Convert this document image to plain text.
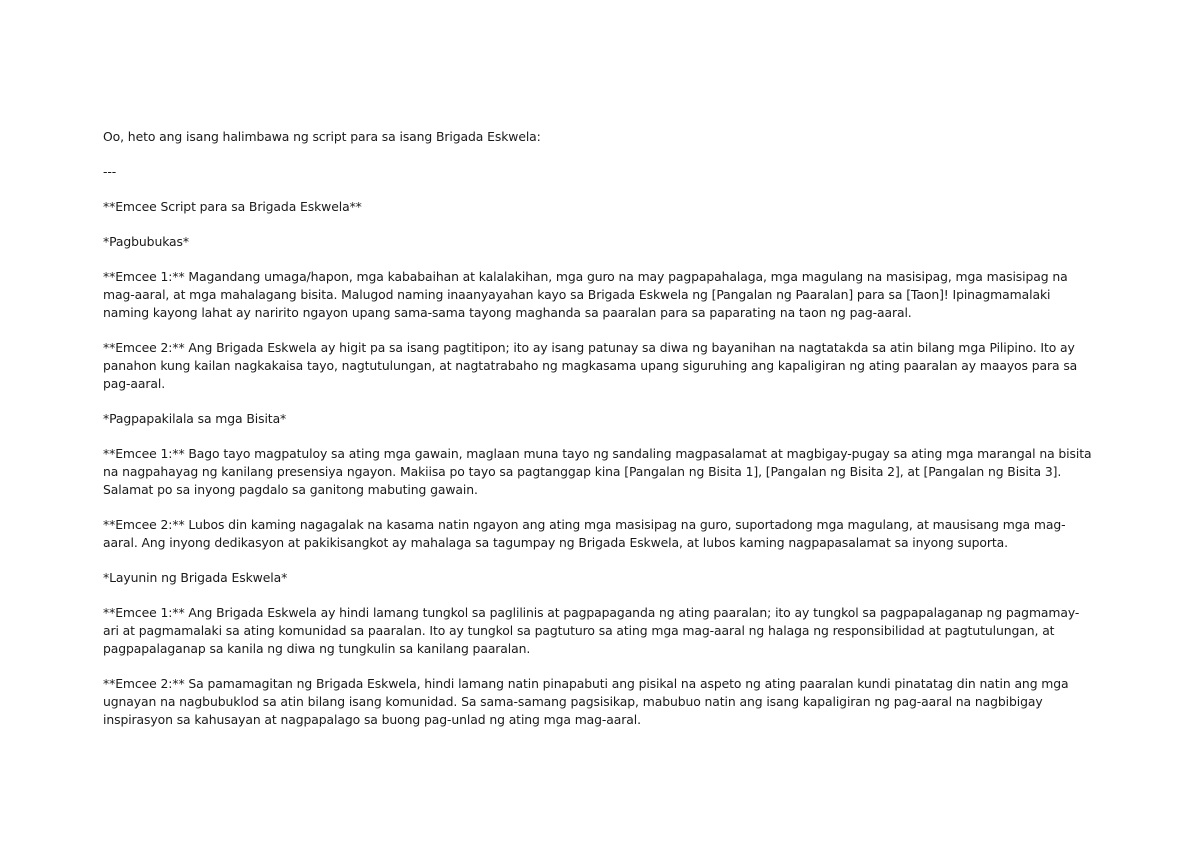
Oo, heto ang isang halimbawa ng script para sa isang Brigada Eskwela:

---

**Emcee Script para sa Brigada Eskwela**

*Pagbubukas*

**Emcee 1:** Magandang umaga/hapon, mga kababaihan at kalalakihan, mga guro na may pagpapahalaga, mga magulang na masisipag, mga masisipag na mag-aaral, at mga mahalagang bisita. Malugod naming inaanyayahan kayo sa Brigada Eskwela ng [Pangalan ng Paaralan] para sa [Taon]! Ipinagmamalaki naming kayong lahat ay naririto ngayon upang sama-sama tayong maghanda sa paaralan para sa paparating na taon ng pag-aaral.

**Emcee 2:** Ang Brigada Eskwela ay higit pa sa isang pagtitipon; ito ay isang patunay sa diwa ng bayanihan na nagtatakda sa atin bilang mga Pilipino. Ito ay panahon kung kailan nagkakaisa tayo, nagtutulungan, at nagtatrabaho ng magkasama upang siguruhing ang kapaligiran ng ating paaralan ay maayos para sa pag-aaral.

*Pagpapakilala sa mga Bisita*

**Emcee 1:** Bago tayo magpatuloy sa ating mga gawain, maglaan muna tayo ng sandaling magpasalamat at magbigay-pugay sa ating mga marangal na bisita na nagpahayag ng kanilang presensiya ngayon. Makiisa po tayo sa pagtanggap kina [Pangalan ng Bisita 1], [Pangalan ng Bisita 2], at [Pangalan ng Bisita 3]. Salamat po sa inyong pagdalo sa ganitong mabuting gawain.

**Emcee 2:** Lubos din kaming nagagalak na kasama natin ngayon ang ating mga masisipag na guro, suportadong mga magulang, at mausisang mga mag-aaral. Ang inyong dedikasyon at pakikisangkot ay mahalaga sa tagumpay ng Brigada Eskwela, at lubos kaming nagpapasalamat sa inyong suporta.

*Layunin ng Brigada Eskwela*

**Emcee 1:** Ang Brigada Eskwela ay hindi lamang tungkol sa paglilinis at pagpapaganda ng ating paaralan; ito ay tungkol sa pagpapalaganap ng pagmamay-ari at pagmamalaki sa ating komunidad sa paaralan. Ito ay tungkol sa pagtuturo sa ating mga mag-aaral ng halaga ng responsibilidad at pagtutulungan, at pagpapalaganap sa kanila ng diwa ng tungkulin sa kanilang paaralan.

**Emcee 2:** Sa pamamagitan ng Brigada Eskwela, hindi lamang natin pinapabuti ang pisikal na aspeto ng ating paaralan kundi pinatatag din natin ang mga ugnayan na nagbubuklod sa atin bilang isang komunidad. Sa sama-samang pagsisikap, mabubuo natin ang isang kapaligiran ng pag-aaral na nagbibigay inspirasyon sa kahusayan at nagpapalago sa buong pag-unlad ng ating mga mag-aaral.
